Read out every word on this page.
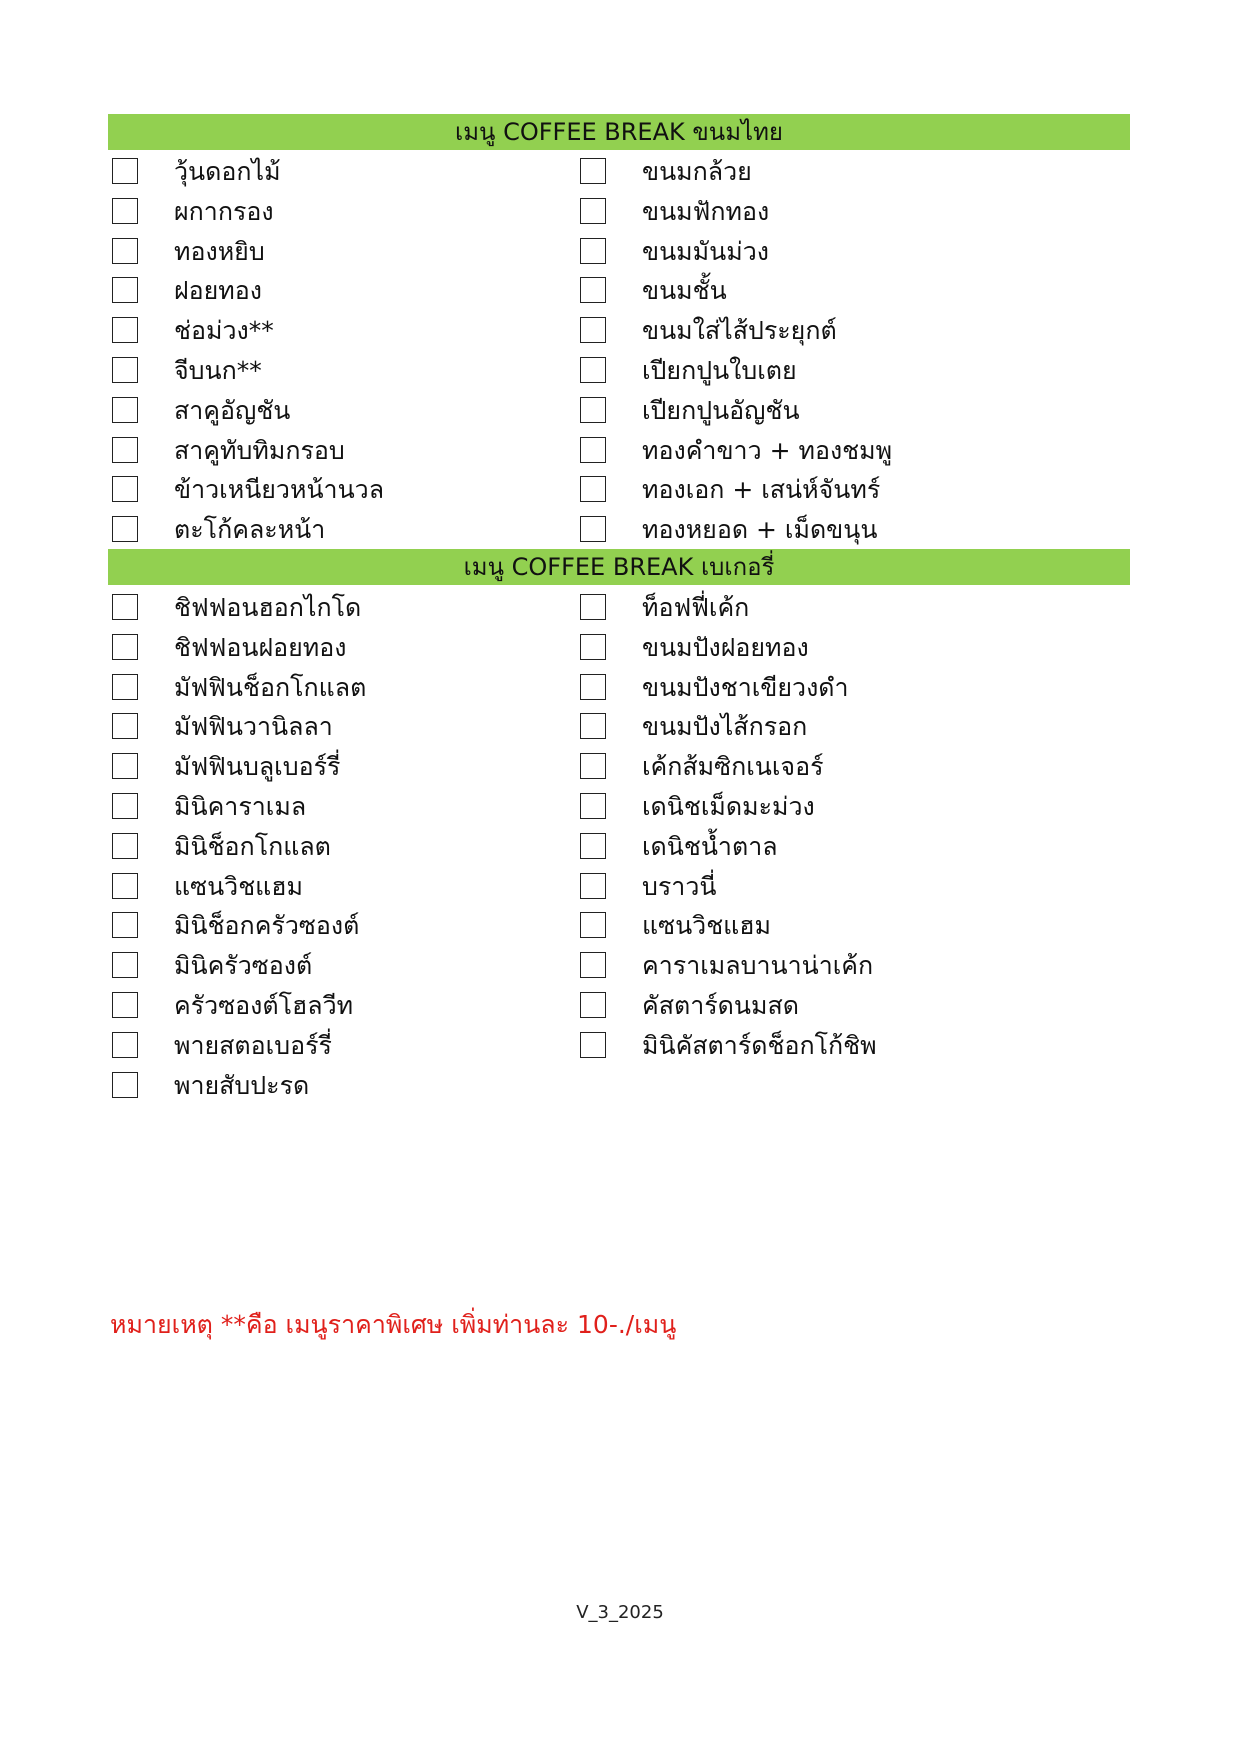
เมนู COFFEE BREAK ขนมไทย
วุ้นดอกไม้
ผกากรอง
ทองหยิบ
ฝอยทอง
ช่อม่วง**
จีบนก**
สาคูอัญชัน
สาคูทับทิมกรอบ
ข้าวเหนียวหน้านวล
ตะโก้คละหน้า
ขนมกล้วย
ขนมฟักทอง
ขนมมันม่วง
ขนมชั้น
ขนมใส่ไส้ประยุกต์
เปียกปูนใบเตย
เปียกปูนอัญชัน
ทองคำขาว + ทองชมพู
ทองเอก + เสน่ห์จันทร์
ทองหยอด + เม็ดขนุน
เมนู COFFEE BREAK เบเกอรี่
ชิฟฟอนฮอกไกโด
ชิฟฟอนฝอยทอง
มัฟฟินช็อกโกแลต
มัฟฟินวานิลลา
มัฟฟินบลูเบอร์รี่
มินิคาราเมล
มินิช็อกโกแลต
แซนวิชแฮม
มินิช็อกครัวซองต์
มินิครัวซองต์
ครัวซองต์โฮลวีท
พายสตอเบอร์รี่
พายสับปะรด
ท็อฟฟี่เค้ก
ขนมปังฝอยทอง
ขนมปังชาเขียวงดำ
ขนมปังไส้กรอก
เค้กส้มซิกเนเจอร์
เดนิชเม็ดมะม่วง
เดนิชน้ำตาล
บราวนี่
แซนวิชแฮม
คาราเมลบานาน่าเค้ก
คัสตาร์ดนมสด
มินิคัสตาร์ดช็อกโก้ชิพ
หมายเหตุ **คือ เมนูราคาพิเศษ เพิ่มท่านละ 10-./เมนู
V_3_2025
